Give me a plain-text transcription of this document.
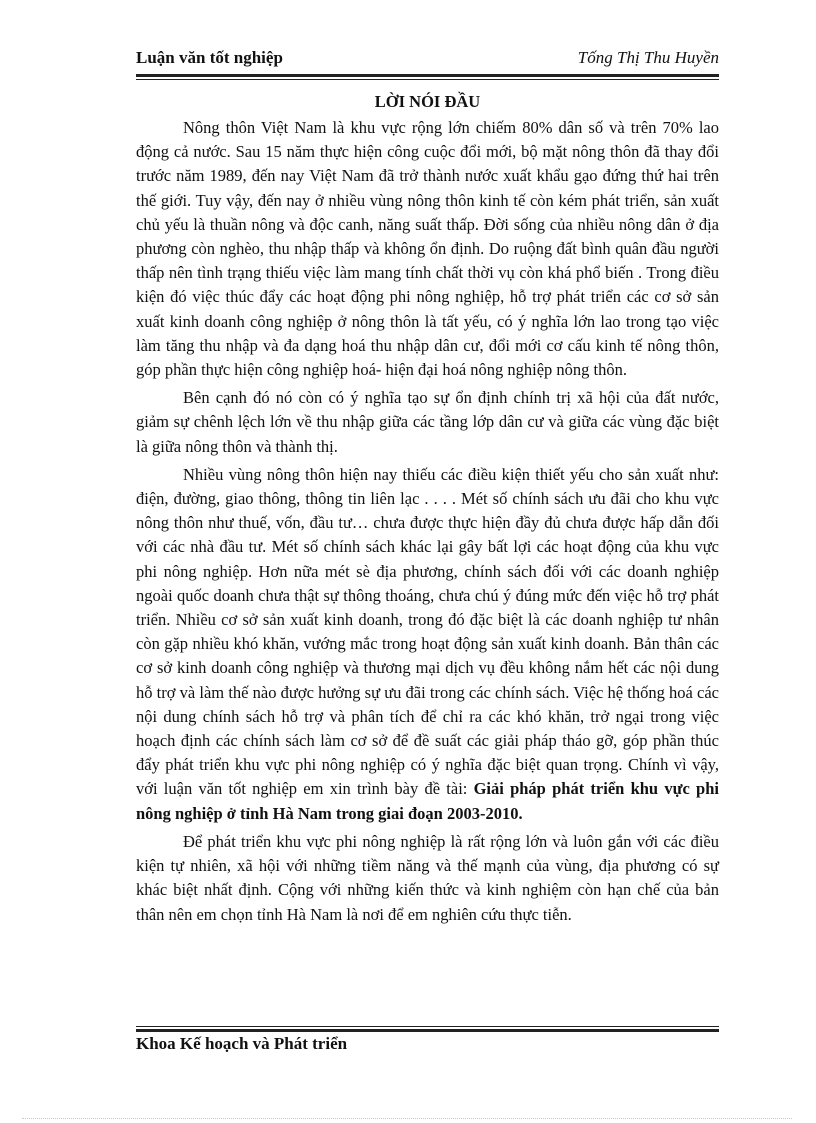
Luận văn tốt nghiệp	Tống Thị Thu Huyền
LỜI NÓI ĐẦU

Nông thôn Việt Nam là khu vực rộng lớn chiếm 80% dân số và trên 70% lao động cả nước. Sau 15 năm thực hiện công cuộc đổi mới, bộ mặt nông thôn đã thay đổi trước năm 1989, đến nay Việt Nam đã trở thành nước xuất khẩu gạo đứng thứ hai trên thế giới. Tuy vậy, đến nay ở nhiều vùng nông thôn kinh tế còn kém phát triển, sản xuất chủ yếu là thuần nông và độc canh, năng suất thấp. Đời sống của nhiều nông dân ở địa phương còn nghèo, thu nhập thấp và không ổn định. Do ruộng đất bình quân đầu người thấp nên tình trạng thiếu việc làm mang tính chất thời vụ còn khá phổ biến . Trong điều kiện đó việc thúc đẩy các hoạt động phi nông nghiệp, hỗ trợ phát triển các cơ sở sản xuất kinh doanh công nghiệp ở nông thôn là tất yếu, có ý nghĩa lớn lao trong tạo việc làm tăng thu nhập và đa dạng hoá thu nhập dân cư, đổi mới cơ cấu kinh tế nông thôn, góp phần thực hiện công nghiệp hoá- hiện đại hoá nông nghiệp nông thôn.

Bên cạnh đó nó còn có ý nghĩa tạo sự ổn định chính trị xã hội của đất nước, giảm sự chênh lệch lớn về thu nhập giữa các tầng lớp dân cư và giữa các vùng đặc biệt là giữa nông thôn và thành thị.

Nhiều vùng nông thôn hiện nay thiếu các điều kiện thiết yếu cho sản xuất như: điện, đường, giao thông, thông tin liên lạc . . . . Mét số chính sách ưu đãi cho khu vực nông thôn như thuế, vốn, đầu tư… chưa được thực hiện đầy đủ chưa được hấp dẫn đối với các nhà đầu tư. Mét số chính sách khác lại gây bất lợi các hoạt động của khu vực phi nông nghiệp. Hơn nữa mét sè địa phương, chính sách đối với các doanh nghiệp ngoài quốc doanh chưa thật sự thông thoáng, chưa chú ý đúng mức đến việc hỗ trợ phát triển. Nhiều cơ sở sản xuất kinh doanh, trong đó đặc biệt là các doanh nghiệp tư nhân còn gặp nhiều khó khăn, vướng mắc trong hoạt động sản xuất kinh doanh. Bản thân các cơ sở kinh doanh công nghiệp và thương mại dịch vụ đều không nắm hết các nội dung hỗ trợ và làm thế nào được hưởng sự ưu đãi trong các chính sách. Việc hệ thống hoá các nội dung chính sách hỗ trợ và phân tích để chỉ ra các khó khăn, trở ngại trong việc hoạch định các chính sách làm cơ sở để đề suất các giải pháp tháo gỡ, góp phần thúc đẩy phát triển khu vực phi nông nghiệp có ý nghĩa đặc biệt quan trọng. Chính vì vậy, với luận văn tốt nghiệp em xin trình bày đề tài: Giải pháp phát triển khu vực phi nông nghiệp ở tỉnh Hà Nam trong giai đoạn 2003-2010.

Để phát triển khu vực phi nông nghiệp là rất rộng lớn và luôn gắn với các điều kiện tự nhiên, xã hội với những tiềm năng và thế mạnh của vùng, địa phương có sự khác biệt nhất định. Cộng với những kiến thức và kinh nghiệm còn hạn chế của bản thân nên em chọn tỉnh Hà Nam là nơi để em nghiên cứu thực tiễn.

Khoa Kế hoạch và Phát triển
